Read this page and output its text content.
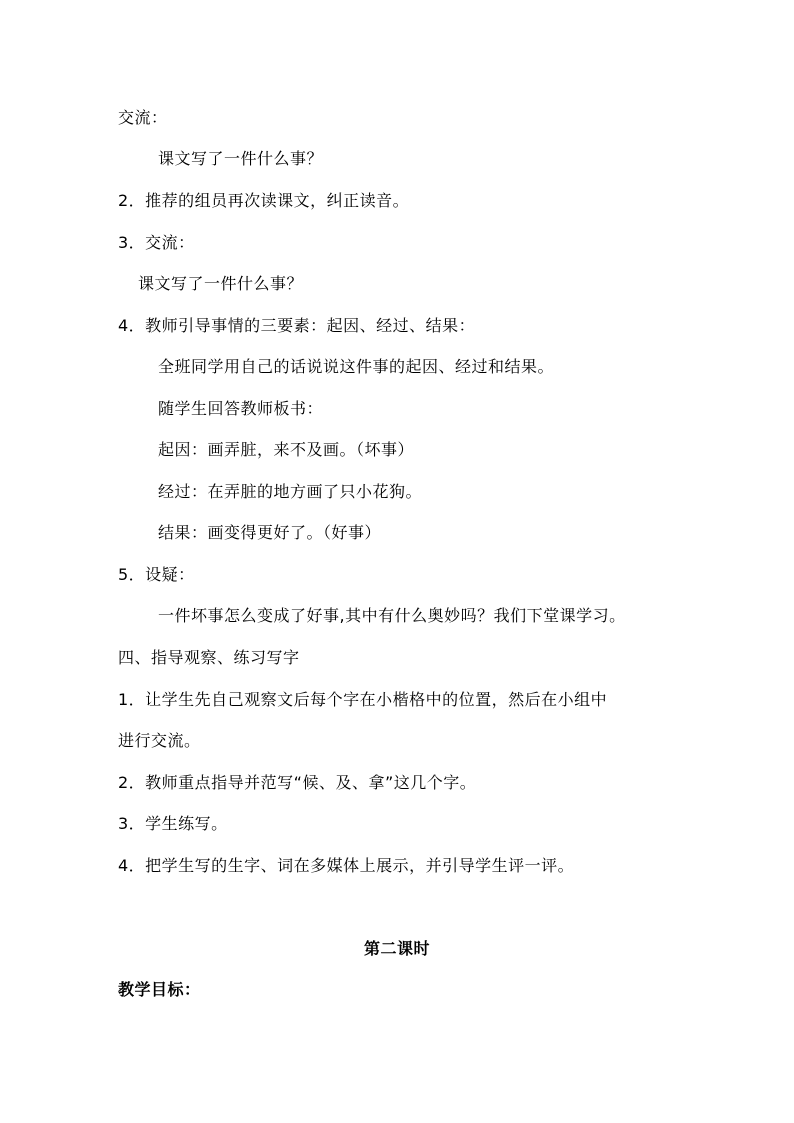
交流：
课文写了一件什么事？
2．推荐的组员再次读课文，纠正读音。
3．交流：
课文写了一件什么事？
4．教师引导事情的三要素：起因、经过、结果：
全班同学用自己的话说说这件事的起因、经过和结果。
随学生回答教师板书：
起因：画弄脏，来不及画。（坏事）
经过：在弄脏的地方画了只小花狗。
结果：画变得更好了。（好事）
5．设疑：
一件坏事怎么变成了好事,其中有什么奥妙吗？我们下堂课学习。
四、指导观察、练习写字
1．让学生先自己观察文后每个字在小楷格中的位置，然后在小组中
进行交流。
2．教师重点指导并范写“候、及、拿”这几个字。
3．学生练写。
4．把学生写的生字、词在多媒体上展示，并引导学生评一评。
第二课时
教学目标：
